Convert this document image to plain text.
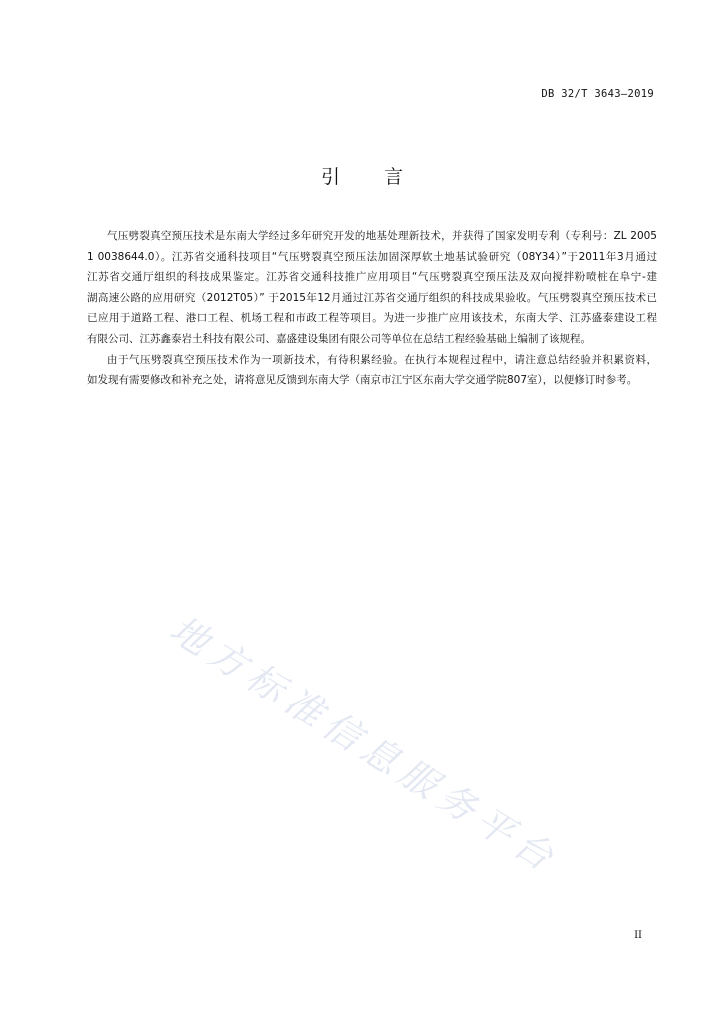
DB 32/T 3643—2019
引 言
气压劈裂真空预压技术是东南大学经过多年研究开发的地基处理新技术，并获得了国家发明专利（专利号：ZL 2005
1 0038644.0）。江苏省交通科技项目“气压劈裂真空预压法加固深厚软土地基试验研究（08Y34）”于2011年3月通过
江苏省交通厅组织的科技成果鉴定。江苏省交通科技推广应用项目“气压劈裂真空预压法及双向搅拌粉喷桩在阜宁-建
湖高速公路的应用研究（2012T05）” 于2015年12月通过江苏省交通厅组织的科技成果验收。气压劈裂真空预压技术已
已应用于道路工程、港口工程、机场工程和市政工程等项目。为进一步推广应用该技术，东南大学、江苏盛泰建设工程
有限公司、江苏鑫泰岩土科技有限公司、嘉盛建设集团有限公司等单位在总结工程经验基础上编制了该规程。
由于气压劈裂真空预压技术作为一项新技术，有待积累经验。在执行本规程过程中，请注意总结经验并积累资料，
如发现有需要修改和补充之处，请将意见反馈到东南大学（南京市江宁区东南大学交通学院807室），以便修订时参考。
地方标准信息服务平台
II
